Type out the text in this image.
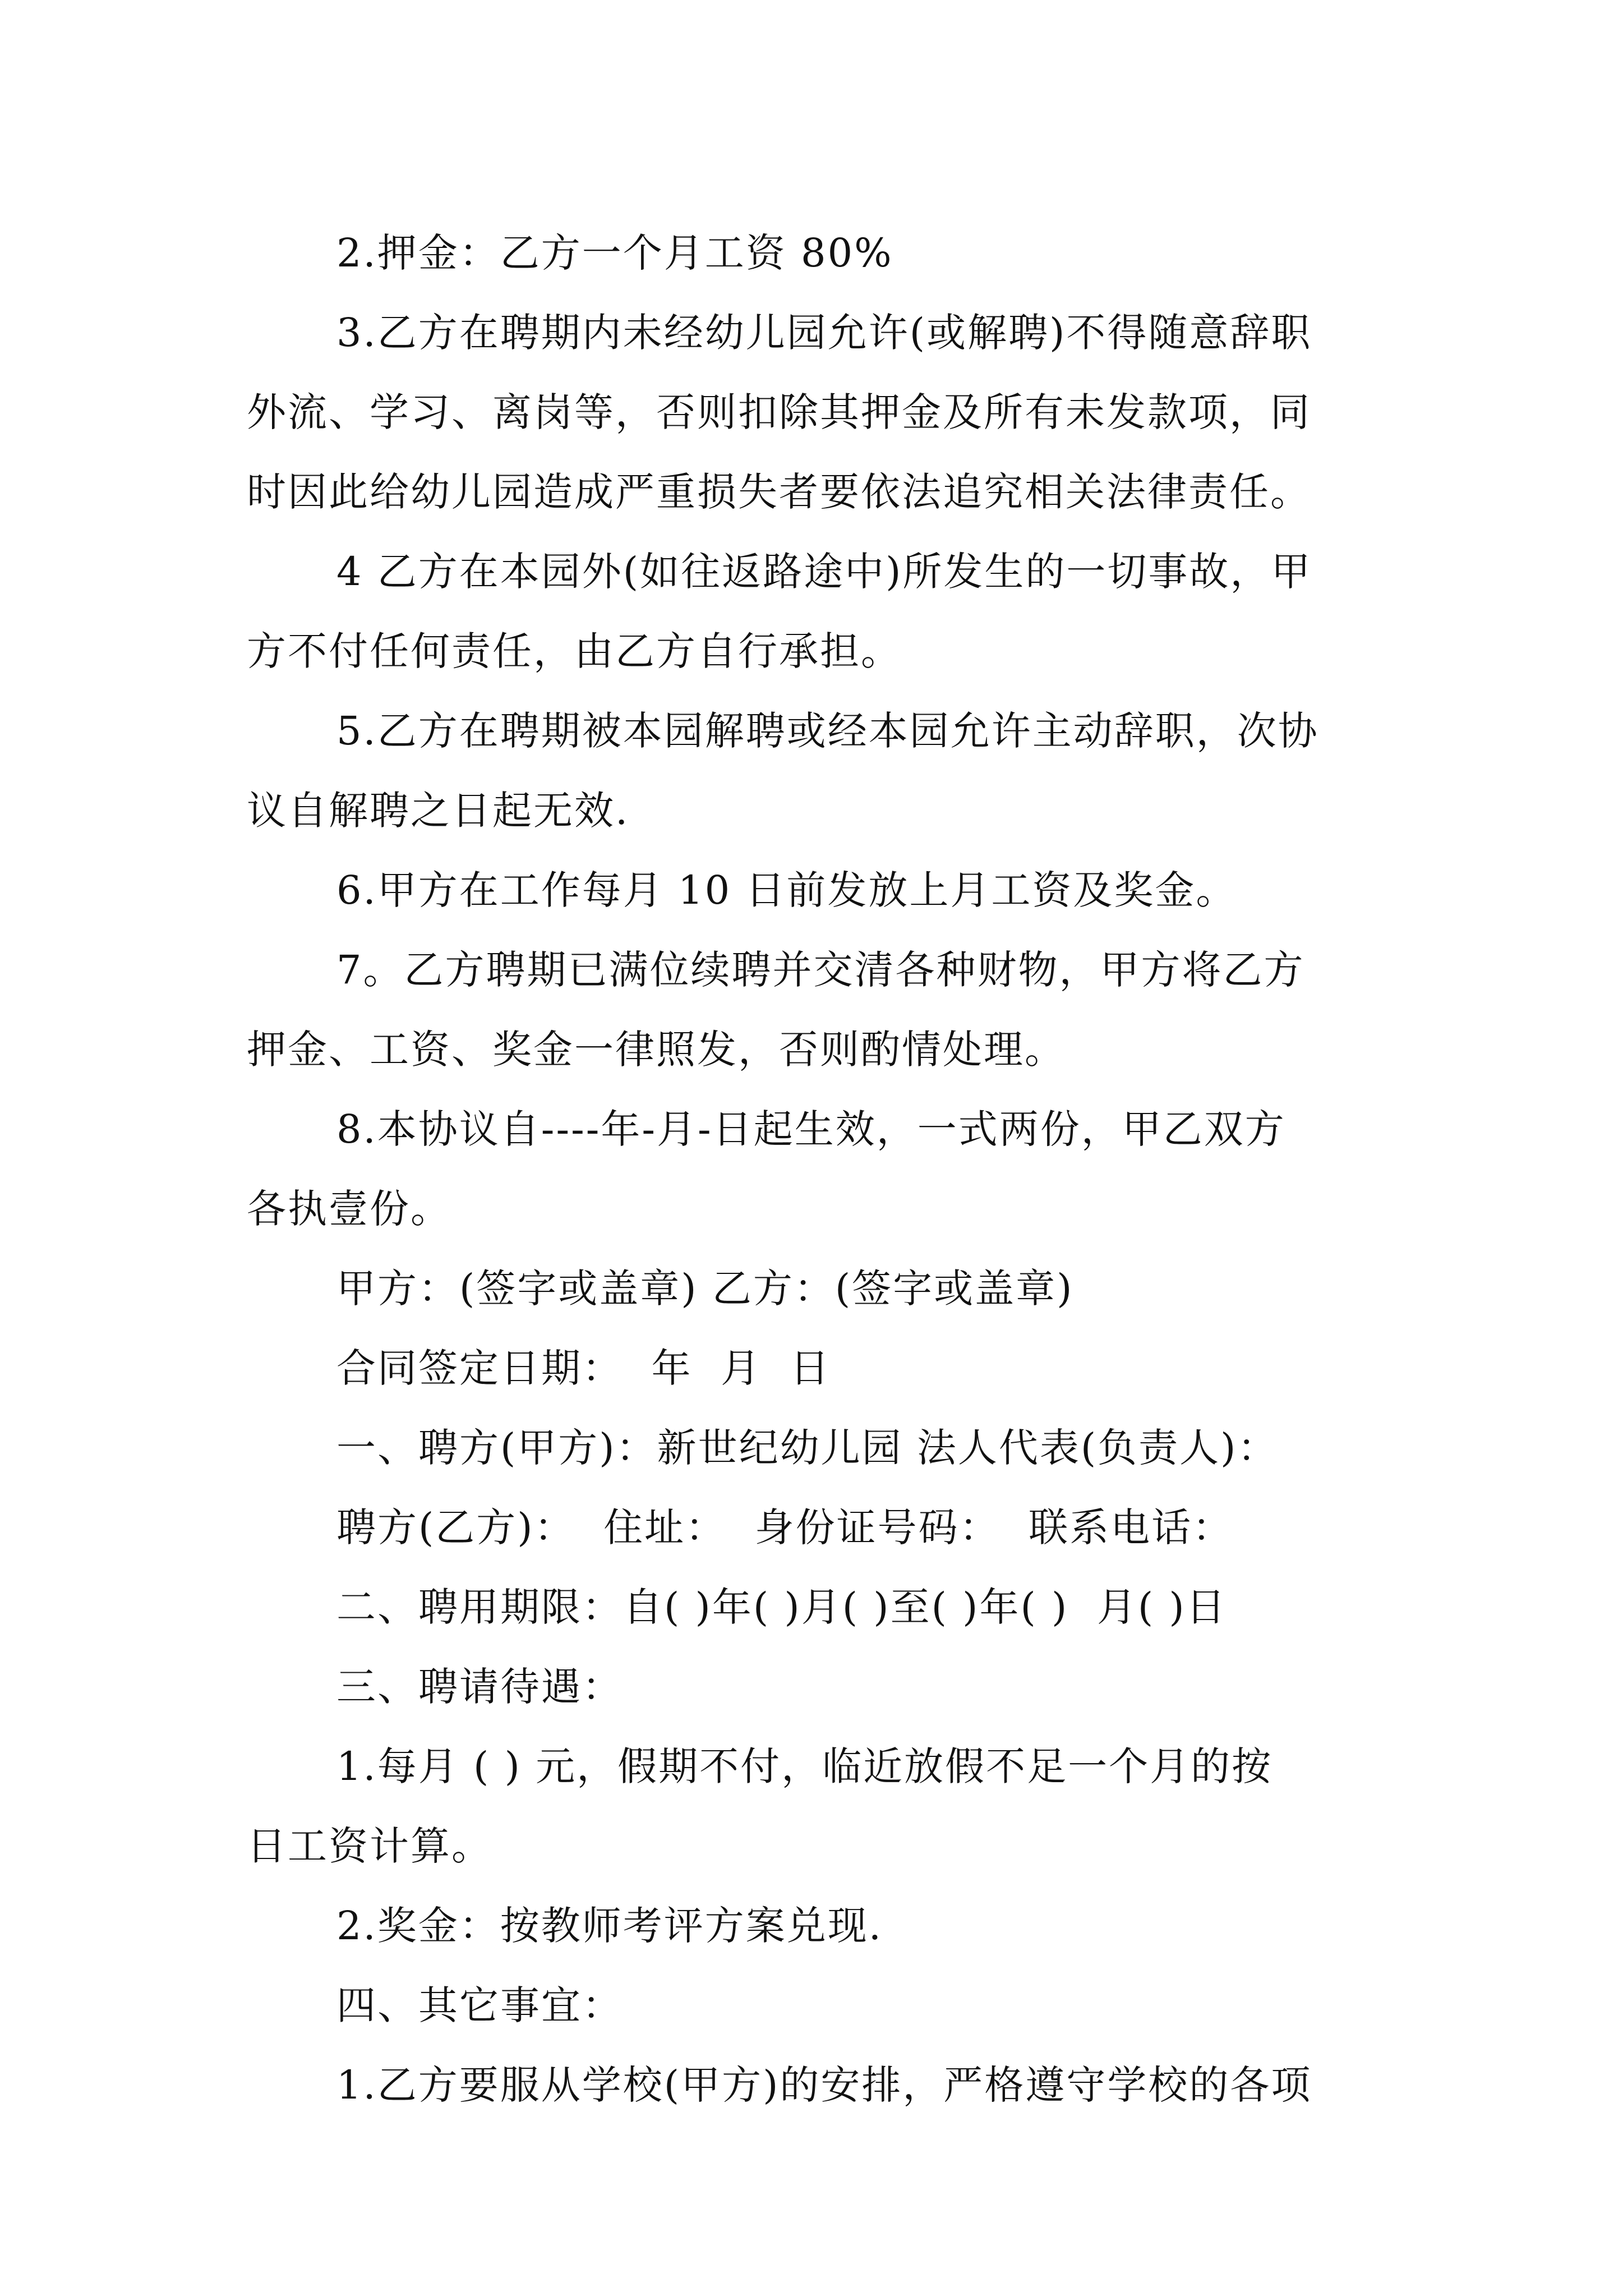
2.押金：乙方一个月工资 80%
3.乙方在聘期内未经幼儿园允许(或解聘)不得随意辞职
外流、学习、离岗等，否则扣除其押金及所有未发款项，同
时因此给幼儿园造成严重损失者要依法追究相关法律责任。
4 乙方在本园外(如往返路途中)所发生的一切事故，甲
方不付任何责任，由乙方自行承担。
5.乙方在聘期被本园解聘或经本园允许主动辞职，次协
议自解聘之日起无效.
6.甲方在工作每月 10 日前发放上月工资及奖金。
7。乙方聘期已满位续聘并交清各种财物，甲方将乙方
押金、工资、奖金一律照发，否则酌情处理。
8.本协议自----年-月-日起生效，一式两份，甲乙双方
各执壹份。
甲方：(签字或盖章) 乙方：(签字或盖章)
合同签定日期：  年  月  日
一、聘方(甲方)：新世纪幼儿园 法人代表(负责人)：
聘方(乙方)：  住址：  身份证号码：  联系电话：
二、聘用期限：自( )年( )月( )至( )年( )  月( )日
三、聘请待遇：
1.每月 ( ) 元，假期不付，临近放假不足一个月的按
日工资计算。
2.奖金：按教师考评方案兑现.
四、其它事宜：
1.乙方要服从学校(甲方)的安排，严格遵守学校的各项
